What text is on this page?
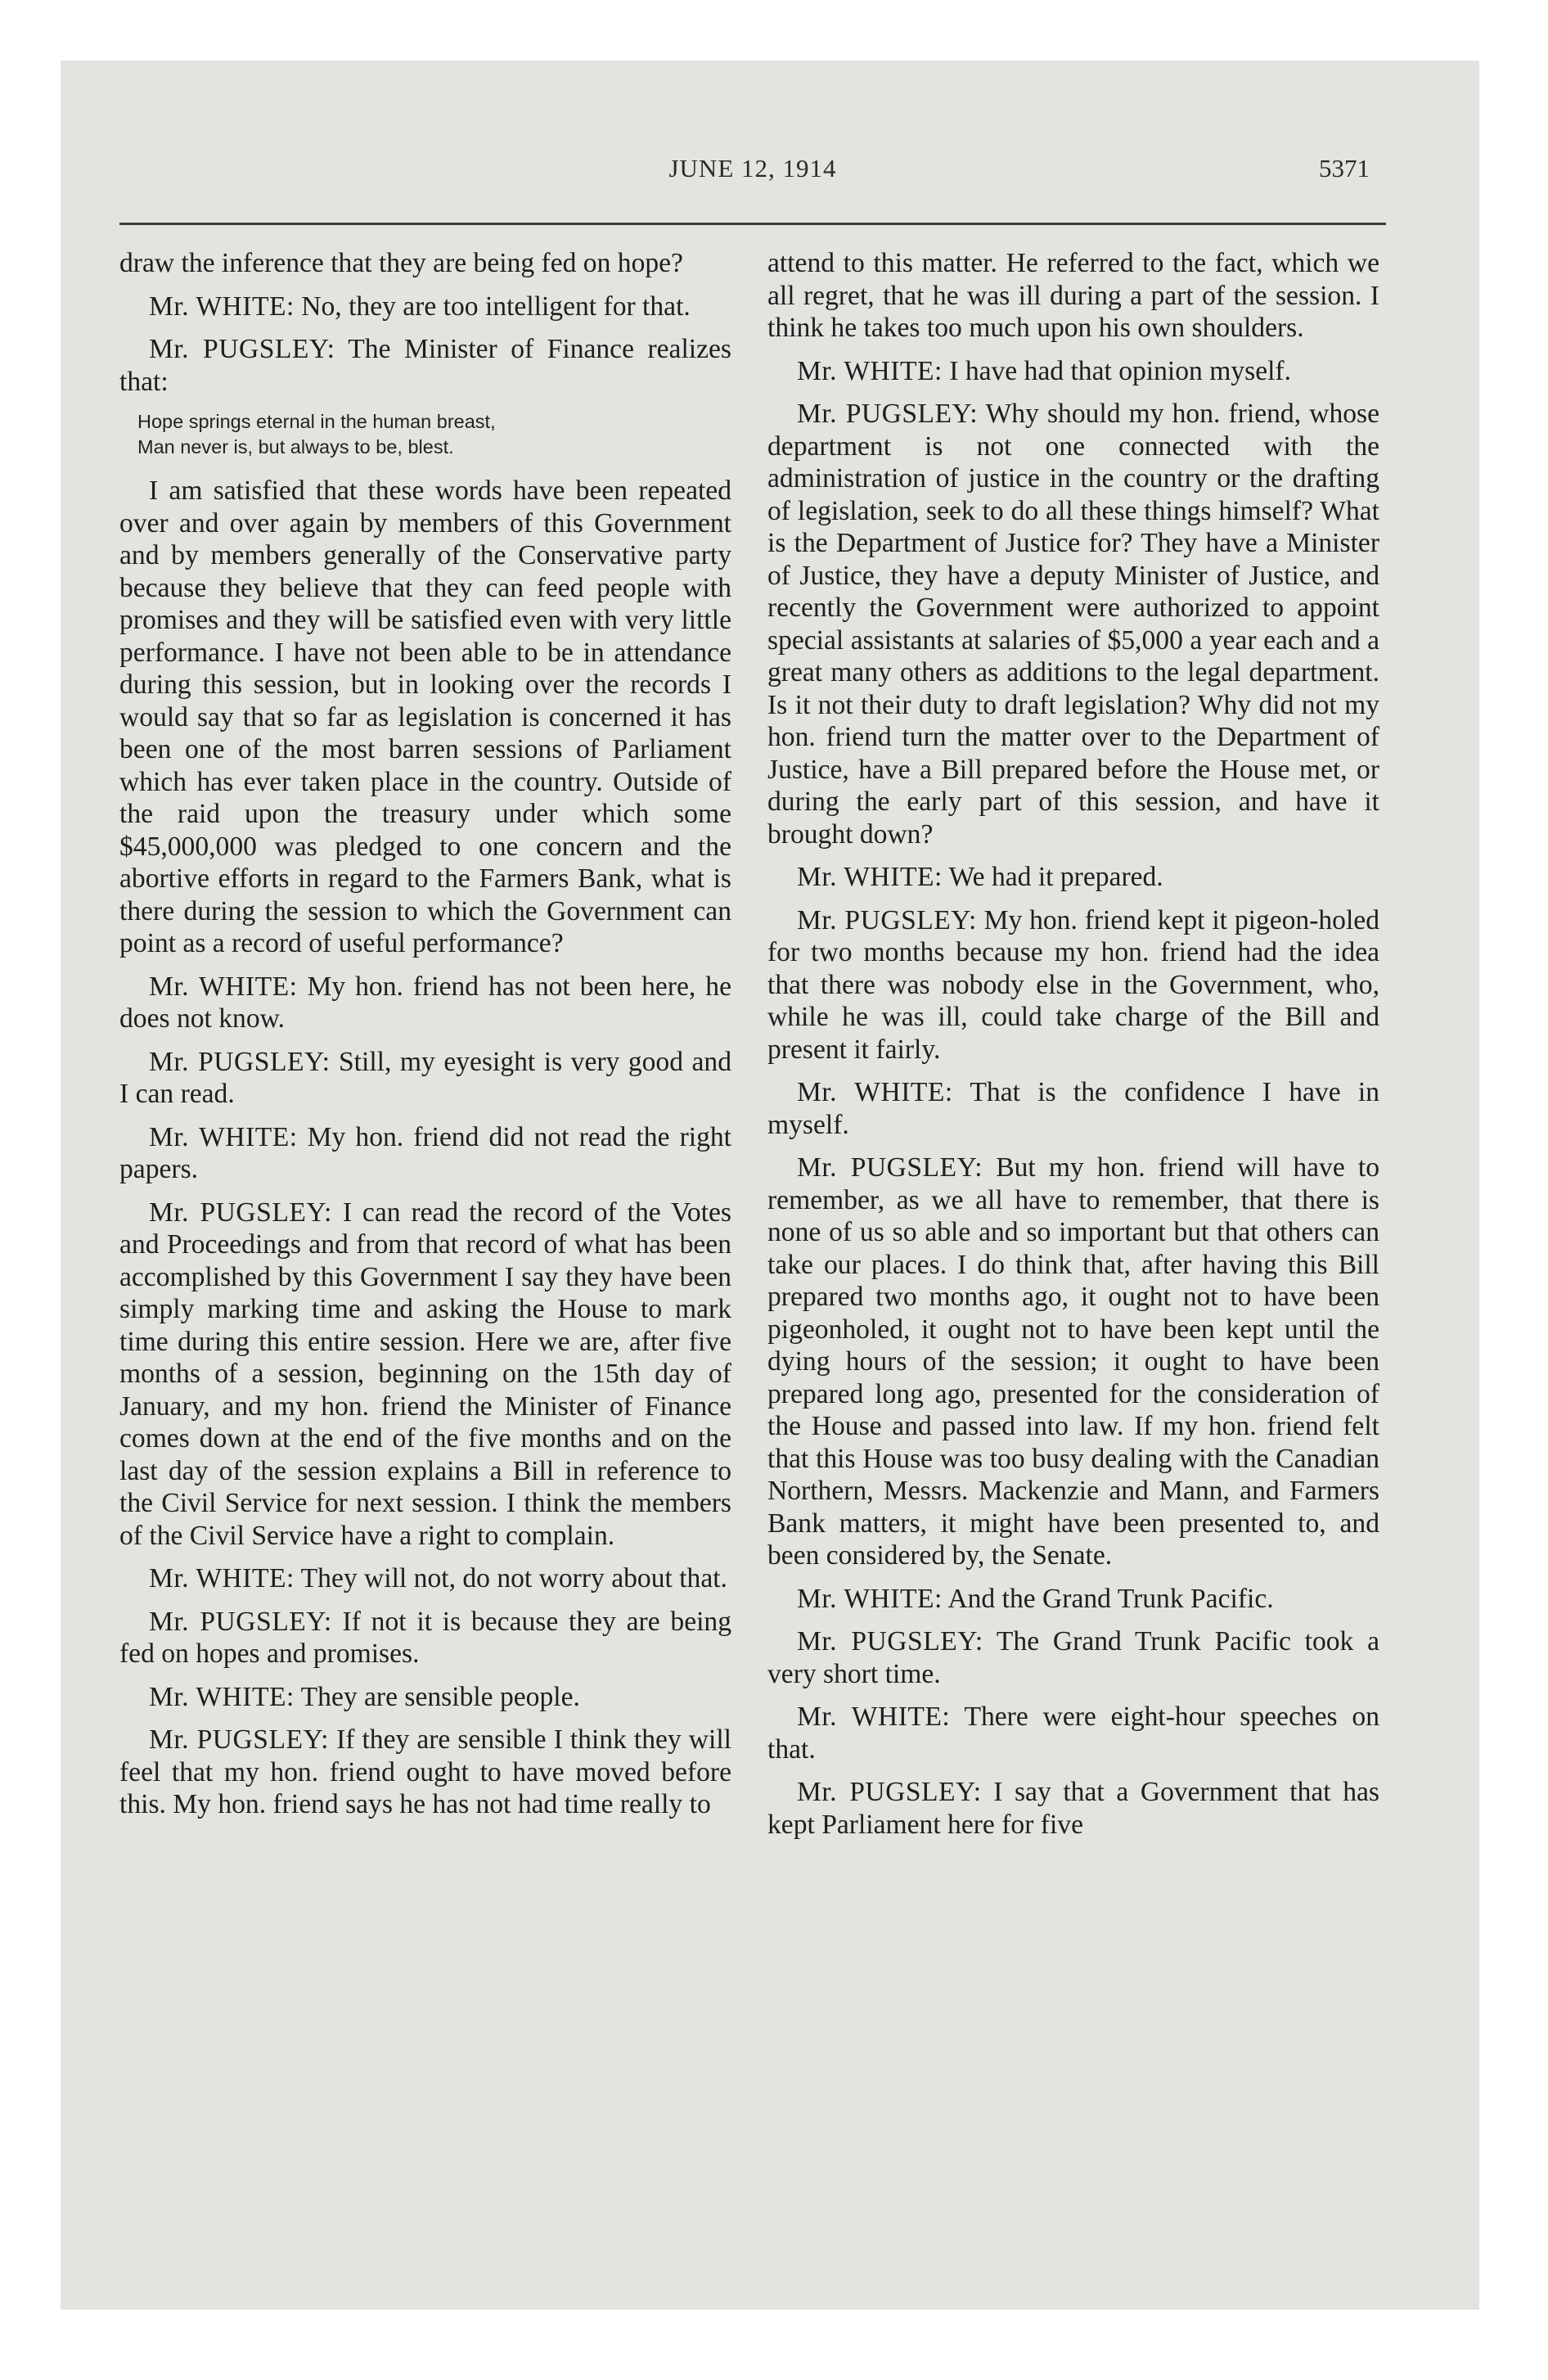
JUNE 12, 1914	5371

draw the inference that they are being fed on hope?

Mr. WHITE: No, they are too intelligent for that.

Mr. PUGSLEY: The Minister of Finance realizes that:

Hope springs eternal in the human breast,
Man never is, but always to be, blest.

I am satisfied that these words have been repeated over and over again by members of this Government and by members generally of the Conservative party because they believe that they can feed people with promises and they will be satisfied even with very little performance. I have not been able to be in attendance during this session, but in looking over the records I would say that so far as legislation is concerned it has been one of the most barren sessions of Parliament which has ever taken place in the country. Outside of the raid upon the treasury under which some $45,000,000 was pledged to one concern and the abortive efforts in regard to the Farmers Bank, what is there during the session to which the Government can point as a record of useful performance?

Mr. WHITE: My hon. friend has not been here, he does not know.

Mr. PUGSLEY: Still, my eyesight is very good and I can read.

Mr. WHITE: My hon. friend did not read the right papers.

Mr. PUGSLEY: I can read the record of the Votes and Proceedings and from that record of what has been accomplished by this Government I say they have been simply marking time and asking the House to mark time during this entire session. Here we are, after five months of a session, beginning on the 15th day of January, and my hon. friend the Minister of Finance comes down at the end of the five months and on the last day of the session explains a Bill in reference to the Civil Service for next session. I think the members of the Civil Service have a right to complain.

Mr. WHITE: They will not, do not worry about that.

Mr. PUGSLEY: If not it is because they are being fed on hopes and promises.

Mr. WHITE: They are sensible people.

Mr. PUGSLEY: If they are sensible I think they will feel that my hon. friend ought to have moved before this. My hon. friend says he has not had time really to

attend to this matter. He referred to the fact, which we all regret, that he was ill during a part of the session. I think he takes too much upon his own shoulders.

Mr. WHITE: I have had that opinion myself.

Mr. PUGSLEY: Why should my hon. friend, whose department is not one connected with the administration of justice in the country or the drafting of legislation, seek to do all these things himself? What is the Department of Justice for? They have a Minister of Justice, they have a deputy Minister of Justice, and recently the Government were authorized to appoint special assistants at salaries of $5,000 a year each and a great many others as additions to the legal department. Is it not their duty to draft legislation? Why did not my hon. friend turn the matter over to the Department of Justice, have a Bill prepared before the House met, or during the early part of this session, and have it brought down?

Mr. WHITE: We had it prepared.

Mr. PUGSLEY: My hon. friend kept it pigeon-holed for two months because my hon. friend had the idea that there was nobody else in the Government, who, while he was ill, could take charge of the Bill and present it fairly.

Mr. WHITE: That is the confidence I have in myself.

Mr. PUGSLEY: But my hon. friend will have to remember, as we all have to remember, that there is none of us so able and so important but that others can take our places. I do think that, after having this Bill prepared two months ago, it ought not to have been pigeonholed, it ought not to have been kept until the dying hours of the session; it ought to have been prepared long ago, presented for the consideration of the House and passed into law. If my hon. friend felt that this House was too busy dealing with the Canadian Northern, Messrs. Mackenzie and Mann, and Farmers Bank matters, it might have been presented to, and been considered by, the Senate.

Mr. WHITE: And the Grand Trunk Pacific.

Mr. PUGSLEY: The Grand Trunk Pacific took a very short time.

Mr. WHITE: There were eight-hour speeches on that.

Mr. PUGSLEY: I say that a Government that has kept Parliament here for five
